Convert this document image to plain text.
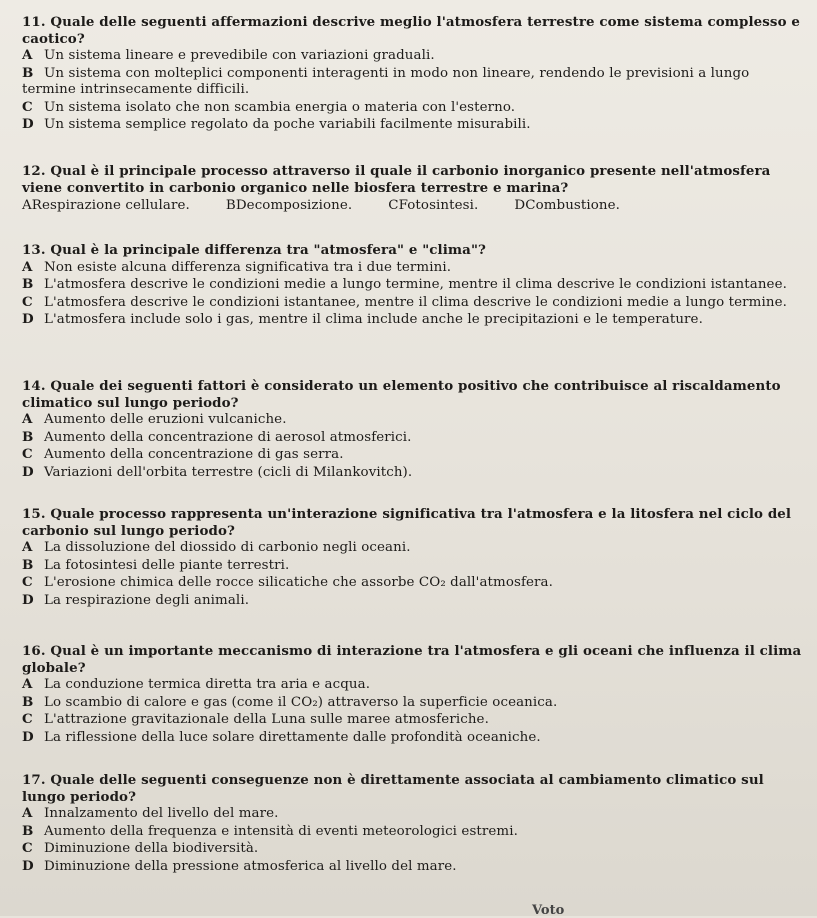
11. Quale delle seguenti affermazioni descrive meglio l'atmosfera terrestre come sistema complesso e caotico?
A Un sistema lineare e prevedibile con variazioni graduali.
B Un sistema con molteplici componenti interagenti in modo non lineare, rendendo le previsioni a lungo termine intrinsecamente difficili.
C Un sistema isolato che non scambia energia o materia con l'esterno.
D Un sistema semplice regolato da poche variabili facilmente misurabili.
12. Qual è il principale processo attraverso il quale il carbonio inorganico presente nell'atmosfera viene convertito in carbonio organico nelle biosfera terrestre e marina?
ARespirazione cellulare.	BDecomposizione.	CFotosintesi.	DCombustione.
13. Qual è la principale differenza tra "atmosfera" e "clima"?
A Non esiste alcuna differenza significativa tra i due termini.
B L'atmosfera descrive le condizioni medie a lungo termine, mentre il clima descrive le condizioni istantanee.
C L'atmosfera descrive le condizioni istantanee, mentre il clima descrive le condizioni medie a lungo termine.
D L'atmosfera include solo i gas, mentre il clima include anche le precipitazioni e le temperature.
14. Quale dei seguenti fattori è considerato un elemento positivo che contribuisce al riscaldamento climatico sul lungo periodo?
A Aumento delle eruzioni vulcaniche.
B Aumento della concentrazione di aerosol atmosferici.
C Aumento della concentrazione di gas serra.
D Variazioni dell'orbita terrestre (cicli di Milankovitch).
15. Quale processo rappresenta un'interazione significativa tra l'atmosfera e la litosfera nel ciclo del carbonio sul lungo periodo?
A La dissoluzione del diossido di carbonio negli oceani.
B La fotosintesi delle piante terrestri.
C L'erosione chimica delle rocce silicatiche che assorbe CO₂ dall'atmosfera.
D La respirazione degli animali.
16. Qual è un importante meccanismo di interazione tra l'atmosfera e gli oceani che influenza il clima globale?
A La conduzione termica diretta tra aria e acqua.
B Lo scambio di calore e gas (come il CO₂) attraverso la superficie oceanica.
C L'attrazione gravitazionale della Luna sulle maree atmosferiche.
D La riflessione della luce solare direttamente dalle profondità oceaniche.
17. Quale delle seguenti conseguenze non è direttamente associata al cambiamento climatico sul lungo periodo?
A Innalzamento del livello del mare.
B Aumento della frequenza e intensità di eventi meteorologici estremi.
C Diminuzione della biodiversità.
D Diminuzione della pressione atmosferica al livello del mare.
Voto
